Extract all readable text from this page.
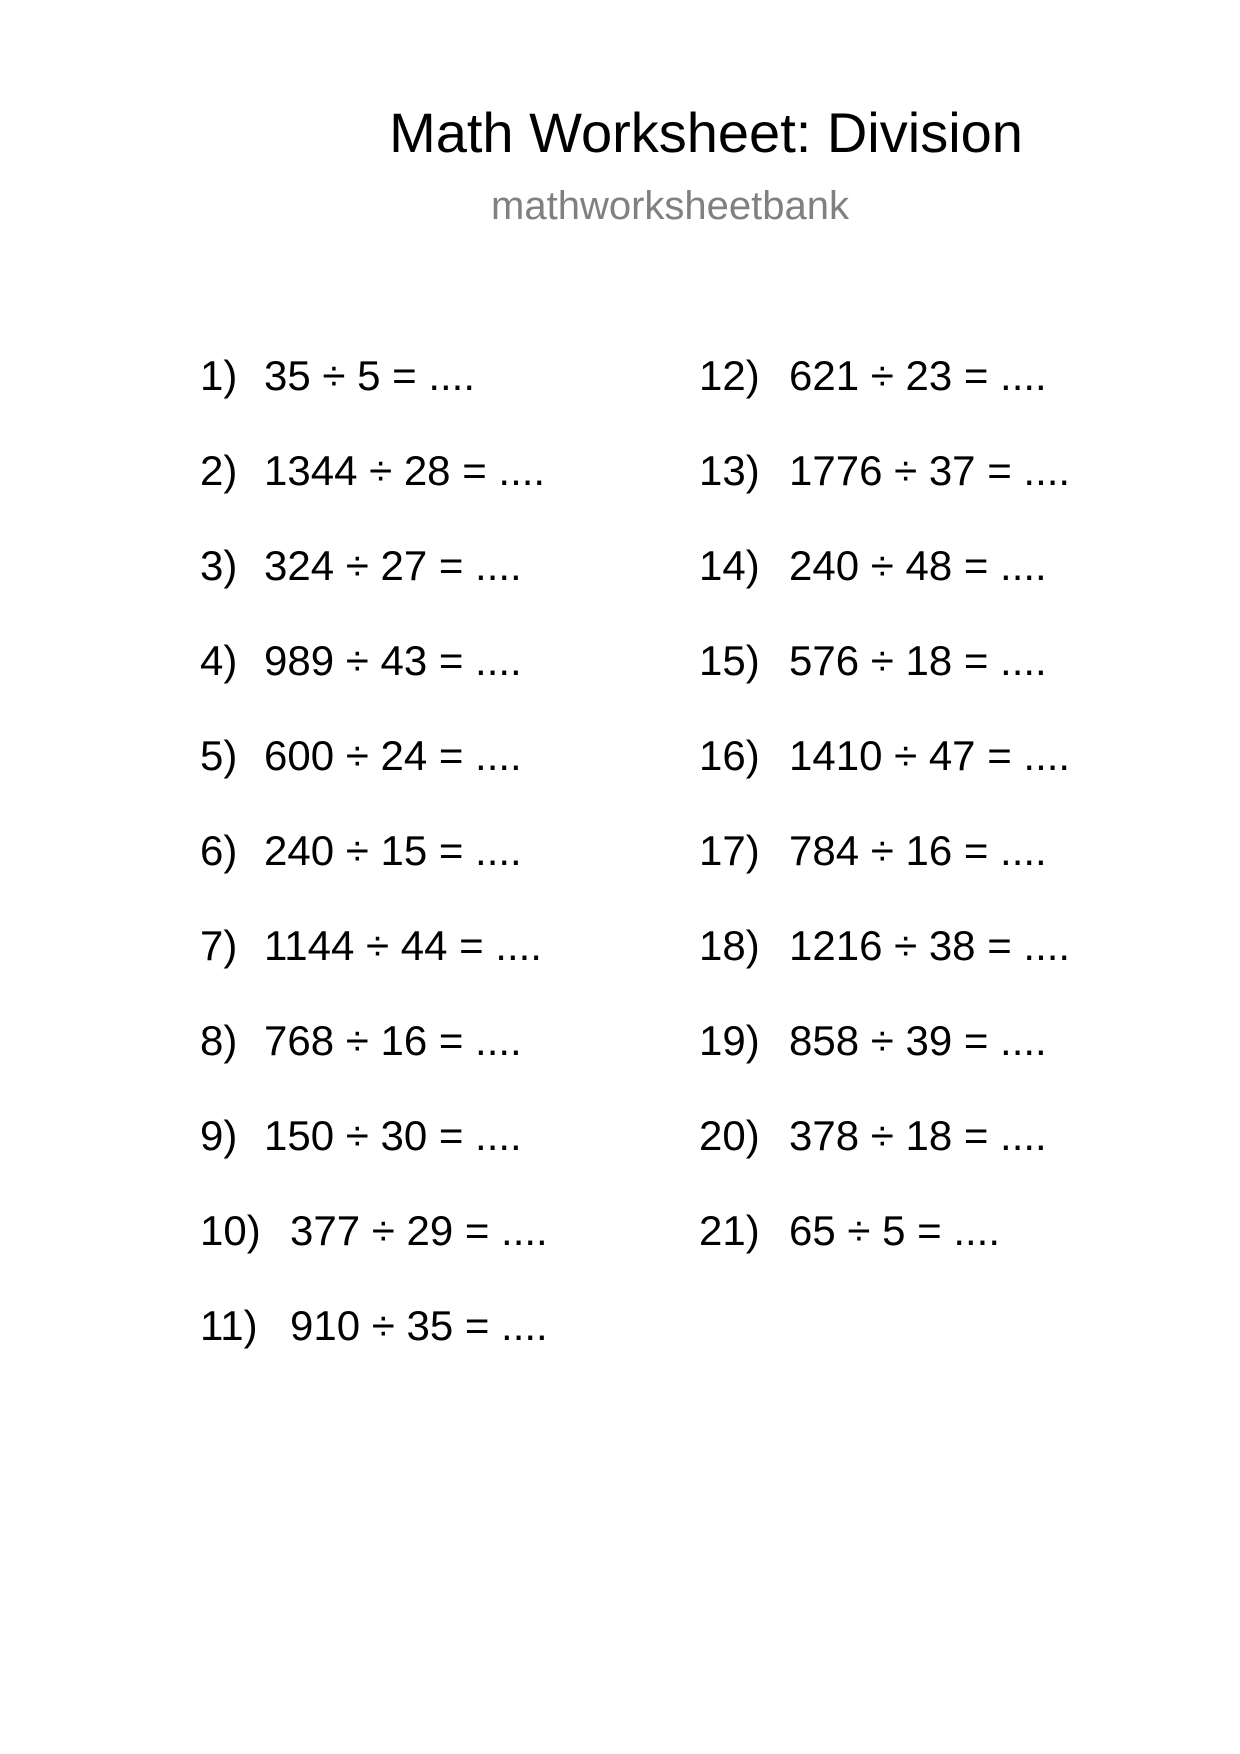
Math Worksheet: Division
mathworksheetbank
1) 35 ÷ 5 = ....
2) 1344 ÷ 28 = ....
3) 324 ÷ 27 = ....
4) 989 ÷ 43 = ....
5) 600 ÷ 24 = ....
6) 240 ÷ 15 = ....
7) 1144 ÷ 44 = ....
8) 768 ÷ 16 = ....
9) 150 ÷ 30 = ....
10) 377 ÷ 29 = ....
11) 910 ÷ 35 = ....
12) 621 ÷ 23 = ....
13) 1776 ÷ 37 = ....
14) 240 ÷ 48 = ....
15) 576 ÷ 18 = ....
16) 1410 ÷ 47 = ....
17) 784 ÷ 16 = ....
18) 1216 ÷ 38 = ....
19) 858 ÷ 39 = ....
20) 378 ÷ 18 = ....
21) 65 ÷ 5 = ....
